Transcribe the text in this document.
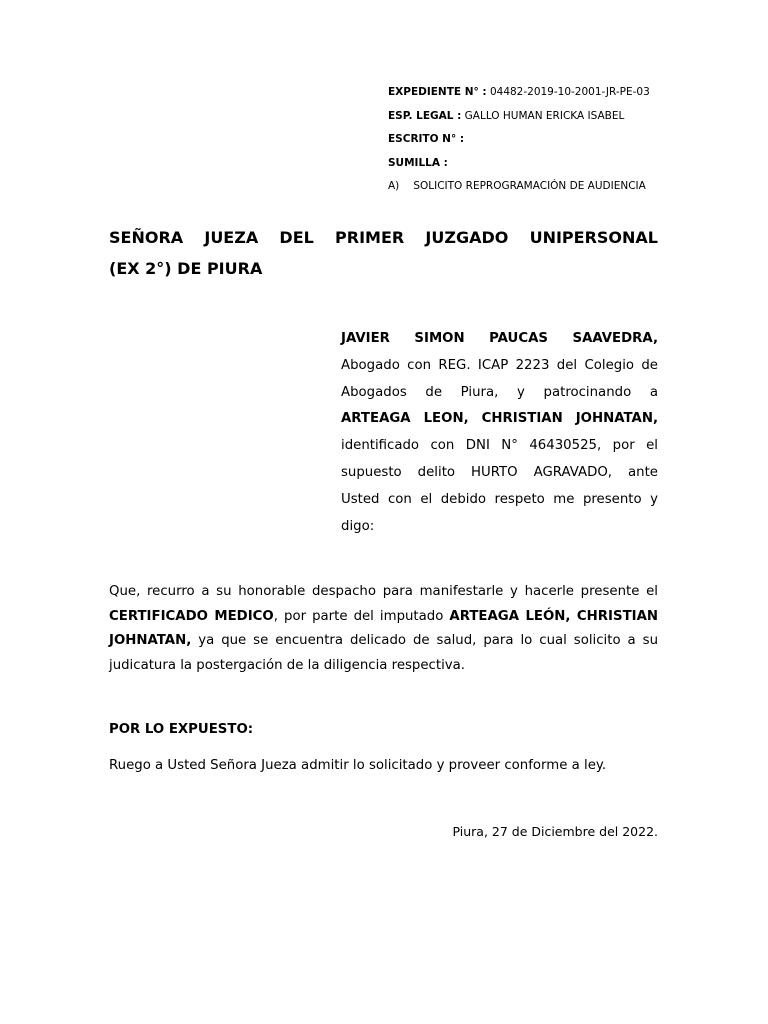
EXPEDIENTE N° : 04482-2019-10-2001-JR-PE-03
ESP. LEGAL : GALLO HUMAN ERICKA ISABEL
ESCRITO N° :
SUMILLA :
A) SOLICITO REPROGRAMACIÓN DE AUDIENCIA
SEÑORA JUEZA DEL PRIMER JUZGADO UNIPERSONAL
(EX 2°) DE PIURA
JAVIER SIMON PAUCAS SAAVEDRA,
Abogado con REG. ICAP 2223 del Colegio de
Abogados de Piura, y patrocinando a
ARTEAGA LEON, CHRISTIAN JOHNATAN,
identificado con DNI N° 46430525, por el
supuesto delito HURTO AGRAVADO, ante
Usted con el debido respeto me presento y
digo:
Que, recurro a su honorable despacho para manifestarle y hacerle presente el
CERTIFICADO MEDICO, por parte del imputado ARTEAGA LEÓN, CHRISTIAN
JOHNATAN, ya que se encuentra delicado de salud, para lo cual solicito a su
judicatura la postergación de la diligencia respectiva.
POR LO EXPUESTO:
Ruego a Usted Señora Jueza admitir lo solicitado y proveer conforme a ley.
Piura, 27 de Diciembre del 2022.
